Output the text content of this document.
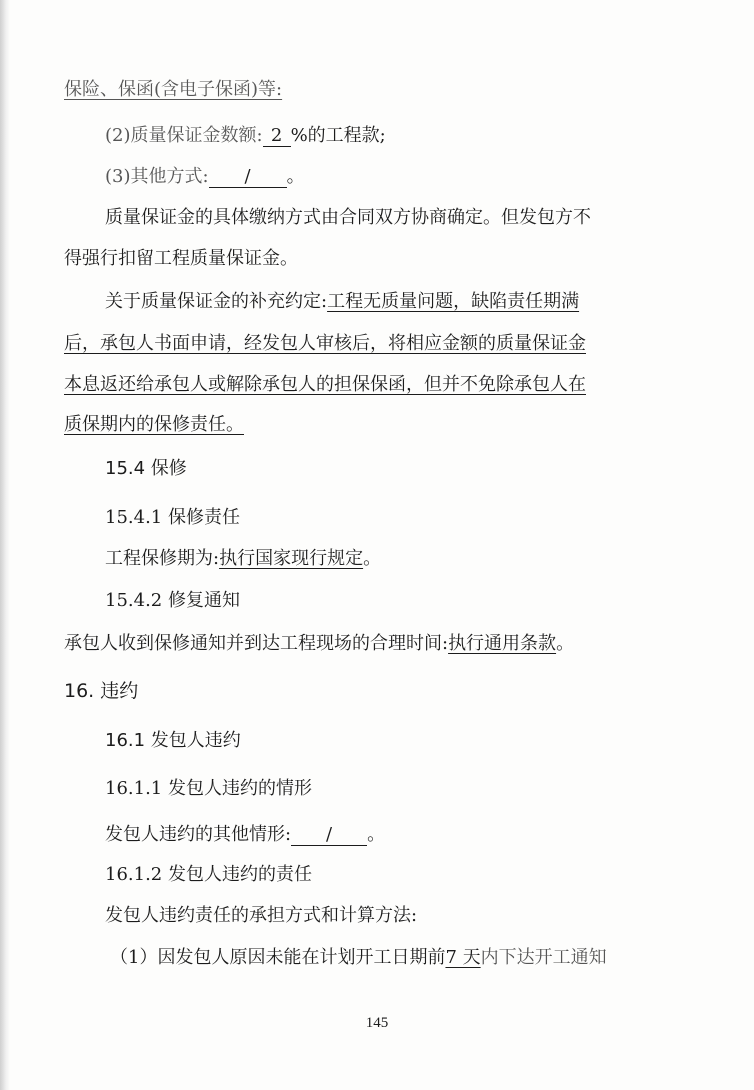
保险、保函(含电子保函)等:
(2)质量保证金数额: 2 %的工程款;
(3)其他方式: / 。
质量保证金的具体缴纳方式由合同双方协商确定。但发包方不
得强行扣留工程质量保证金。
关于质量保证金的补充约定:工程无质量问题，缺陷责任期满
后，承包人书面申请，经发包人审核后，将相应金额的质量保证金
本息返还给承包人或解除承包人的担保保函，但并不免除承包人在
质保期内的保修责任。
15.4 保修
15.4.1 保修责任
工程保修期为:执行国家现行规定。
15.4.2 修复通知
承包人收到保修通知并到达工程现场的合理时间:执行通用条款。
16. 违约
16.1 发包人违约
16.1.1 发包人违约的情形
发包人违约的其他情形: / 。
16.1.2 发包人违约的责任
发包人违约责任的承担方式和计算方法:
（1）因发包人原因未能在计划开工日期前7 天内下达开工通知
145
